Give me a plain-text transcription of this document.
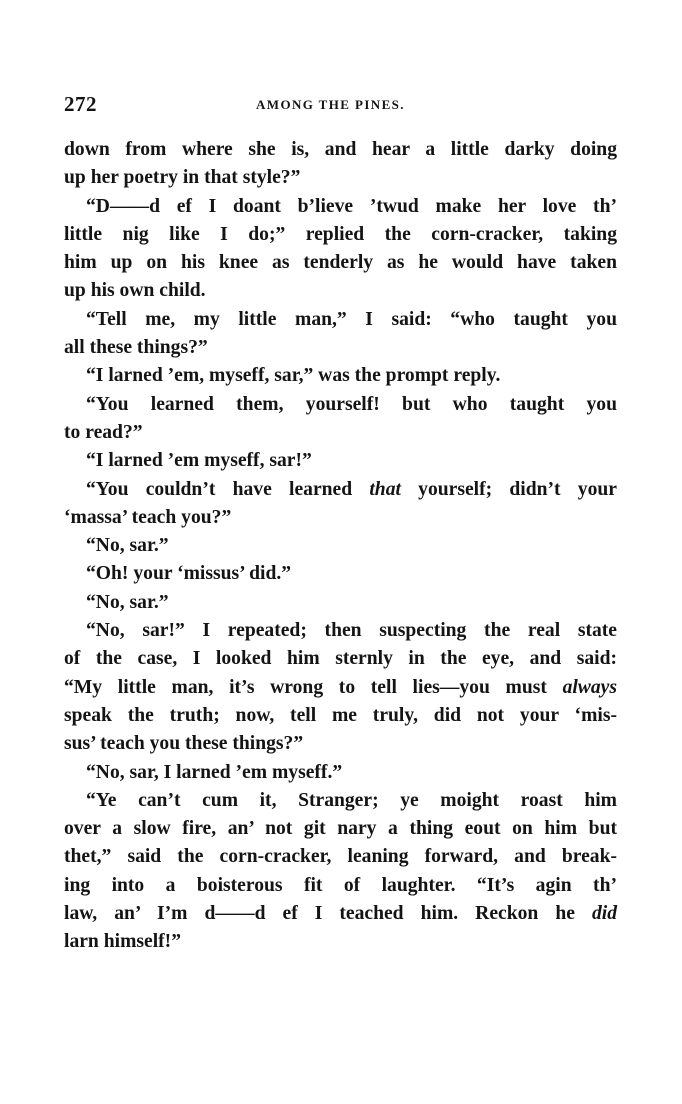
272	AMONG THE PINES.
down from where she is, and hear a little darky doing
up her poetry in that style?”
“D——d ef I doant b’lieve ’twud make her love th’
little nig like I do;” replied the corn-cracker, taking
him up on his knee as tenderly as he would have taken
up his own child.
“Tell me, my little man,” I said: “who taught you
all these things?”
“I larned ’em, myseff, sar,” was the prompt reply.
“You learned them, yourself! but who taught you
to read?”
“I larned ’em myseff, sar!”
“You couldn’t have learned that yourself; didn’t your
‘massa’ teach you?”
“No, sar.”
“Oh! your ‘missus’ did.”
“No, sar.”
“No, sar!” I repeated; then suspecting the real state
of the case, I looked him sternly in the eye, and said:
“My little man, it’s wrong to tell lies—you must always
speak the truth; now, tell me truly, did not your ‘mis-
sus’ teach you these things?”
“No, sar, I larned ’em myseff.”
“Ye can’t cum it, Stranger; ye moight roast him
over a slow fire, an’ not git nary a thing eout on him but
thet,” said the corn-cracker, leaning forward, and break-
ing into a boisterous fit of laughter. “It’s agin th’
law, an’ I’m d——d ef I teached him. Reckon he did
larn himself!”
